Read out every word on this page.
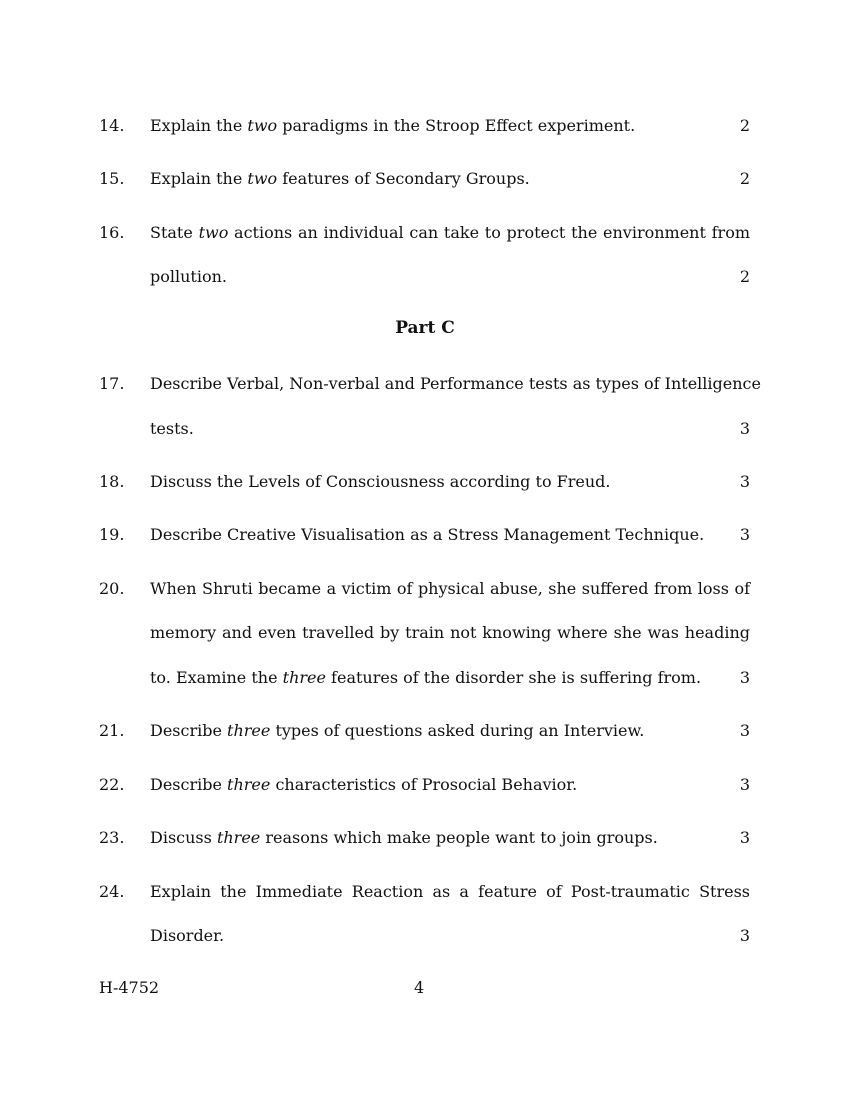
14. Explain the two paradigms in the Stroop Effect experiment.	2
15. Explain the two features of Secondary Groups.	2
16. State two actions an individual can take to protect the environment from
pollution.	2
Part C
17. Describe Verbal, Non-verbal and Performance tests as types of Intelligence
tests.	3
18. Discuss the Levels of Consciousness according to Freud.	3
19. Describe Creative Visualisation as a Stress Management Technique.	3
20. When Shruti became a victim of physical abuse, she suffered from loss of
memory and even travelled by train not knowing where she was heading
to. Examine the three features of the disorder she is suffering from.	3
21. Describe three types of questions asked during an Interview.	3
22. Describe three characteristics of Prosocial Behavior.	3
23. Discuss three reasons which make people want to join groups.	3
24. Explain the Immediate Reaction as a feature of Post-traumatic Stress
Disorder.	3
H-4752	4
